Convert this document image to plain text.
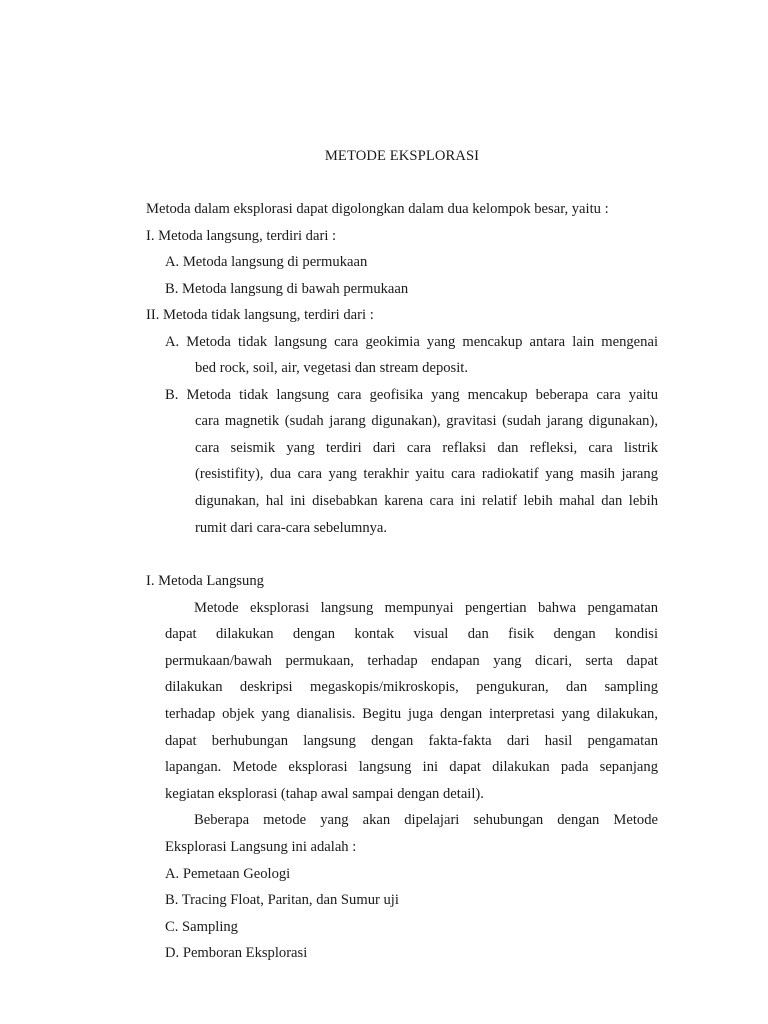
METODE EKSPLORASI
Metoda dalam eksplorasi dapat digolongkan dalam dua kelompok besar, yaitu :
I. Metoda langsung, terdiri dari :
A. Metoda langsung di permukaan
B. Metoda langsung di bawah permukaan
II. Metoda tidak langsung, terdiri dari :
A. Metoda tidak langsung cara geokimia yang mencakup antara lain mengenai
bed rock, soil, air, vegetasi dan stream deposit.
B. Metoda tidak langsung cara geofisika yang mencakup beberapa cara yaitu
cara magnetik (sudah jarang digunakan), gravitasi (sudah jarang digunakan),
cara seismik yang terdiri dari cara reflaksi dan refleksi, cara listrik
(resistifity), dua cara yang terakhir yaitu cara radiokatif yang masih jarang
digunakan, hal ini disebabkan karena cara ini relatif lebih mahal dan lebih
rumit dari cara-cara sebelumnya.
I. Metoda Langsung
Metode eksplorasi langsung mempunyai pengertian bahwa pengamatan
dapat dilakukan dengan kontak visual dan fisik dengan kondisi
permukaan/bawah permukaan, terhadap endapan yang dicari, serta dapat
dilakukan deskripsi megaskopis/mikroskopis, pengukuran, dan sampling
terhadap objek yang dianalisis. Begitu juga dengan interpretasi yang dilakukan,
dapat berhubungan langsung dengan fakta-fakta dari hasil pengamatan
lapangan. Metode eksplorasi langsung ini dapat dilakukan pada sepanjang
kegiatan eksplorasi (tahap awal sampai dengan detail).
Beberapa metode yang akan dipelajari sehubungan dengan Metode
Eksplorasi Langsung ini adalah :
A. Pemetaan Geologi
B. Tracing Float, Paritan, dan Sumur uji
C. Sampling
D. Pemboran Eksplorasi
